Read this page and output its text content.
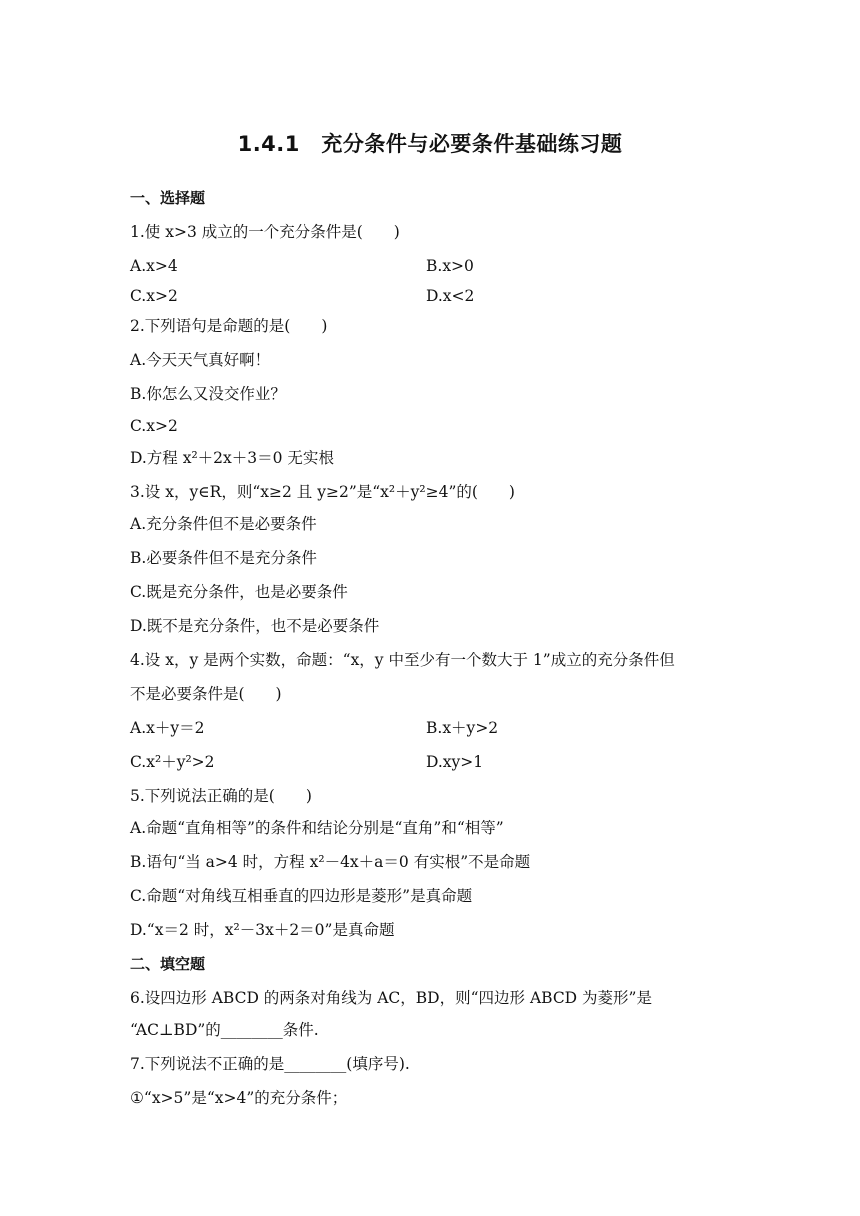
1.4.1　充分条件与必要条件基础练习题
一、选择题
1.使 x>3 成立的一个充分条件是(　　)
A.x>4	B.x>0
C.x>2	D.x<2
2.下列语句是命题的是(　　)
A.今天天气真好啊！
B.你怎么又没交作业？
C.x>2
D.方程 x²＋2x＋3＝0 无实根
3.设 x，y∈R，则“x≥2 且 y≥2”是“x²＋y²≥4”的(　　)
A.充分条件但不是必要条件
B.必要条件但不是充分条件
C.既是充分条件，也是必要条件
D.既不是充分条件，也不是必要条件
4.设 x，y 是两个实数，命题：“x，y 中至少有一个数大于 1”成立的充分条件但
不是必要条件是(　　)
A.x＋y＝2	B.x＋y>2
C.x²＋y²>2	D.xy>1
5.下列说法正确的是(　　)
A.命题“直角相等”的条件和结论分别是“直角”和“相等”
B.语句“当 a>4 时，方程 x²－4x＋a＝0 有实根”不是命题
C.命题“对角线互相垂直的四边形是菱形”是真命题
D.“x＝2 时，x²－3x＋2＝0”是真命题
二、填空题
6.设四边形 ABCD 的两条对角线为 AC，BD，则“四边形 ABCD 为菱形”是
“AC⊥BD”的________条件.
7.下列说法不正确的是________(填序号).
①“x>5”是“x>4”的充分条件；
